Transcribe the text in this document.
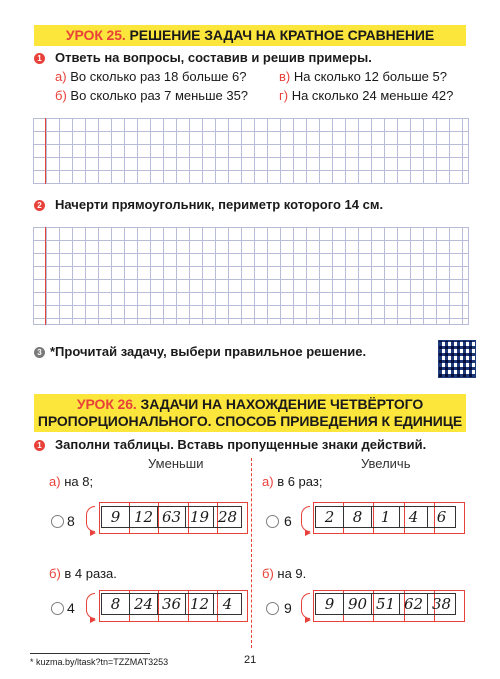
УРОК 25. РЕШЕНИЕ ЗАДАЧ НА КРАТНОЕ СРАВНЕНИЕ
1 Ответь на вопросы, составив и решив примеры.
а) Во сколько раз 18 больше 6?	в) На сколько 12 больше 5?
б) Во сколько раз 7 меньше 35? г) На сколько 24 меньше 42?
2 Начерти прямоугольник, периметр которого 14 см.
3 *Прочитай задачу, выбери правильное решение.
УРОК 26. ЗАДАЧИ НА НАХОЖДЕНИЕ ЧЕТВЁРТОГО
ПРОПОРЦИОНАЛЬНОГО. СПОСОБ ПРИВЕДЕНИЯ К ЕДИНИЦЕ
1 Заполни таблицы. Вставь пропущенные знаки действий.
Уменьши	Увеличь
а) на 8;
8	9 12 63 19 28
а) в 6 раз;
6	2	8	1	4	6
б) в 4 раза.
4	8 24 36 12 4
б) на 9.
9	9 90 51 62 38
* kuzma.by/ltask?tn=TZZMAT3253	21
